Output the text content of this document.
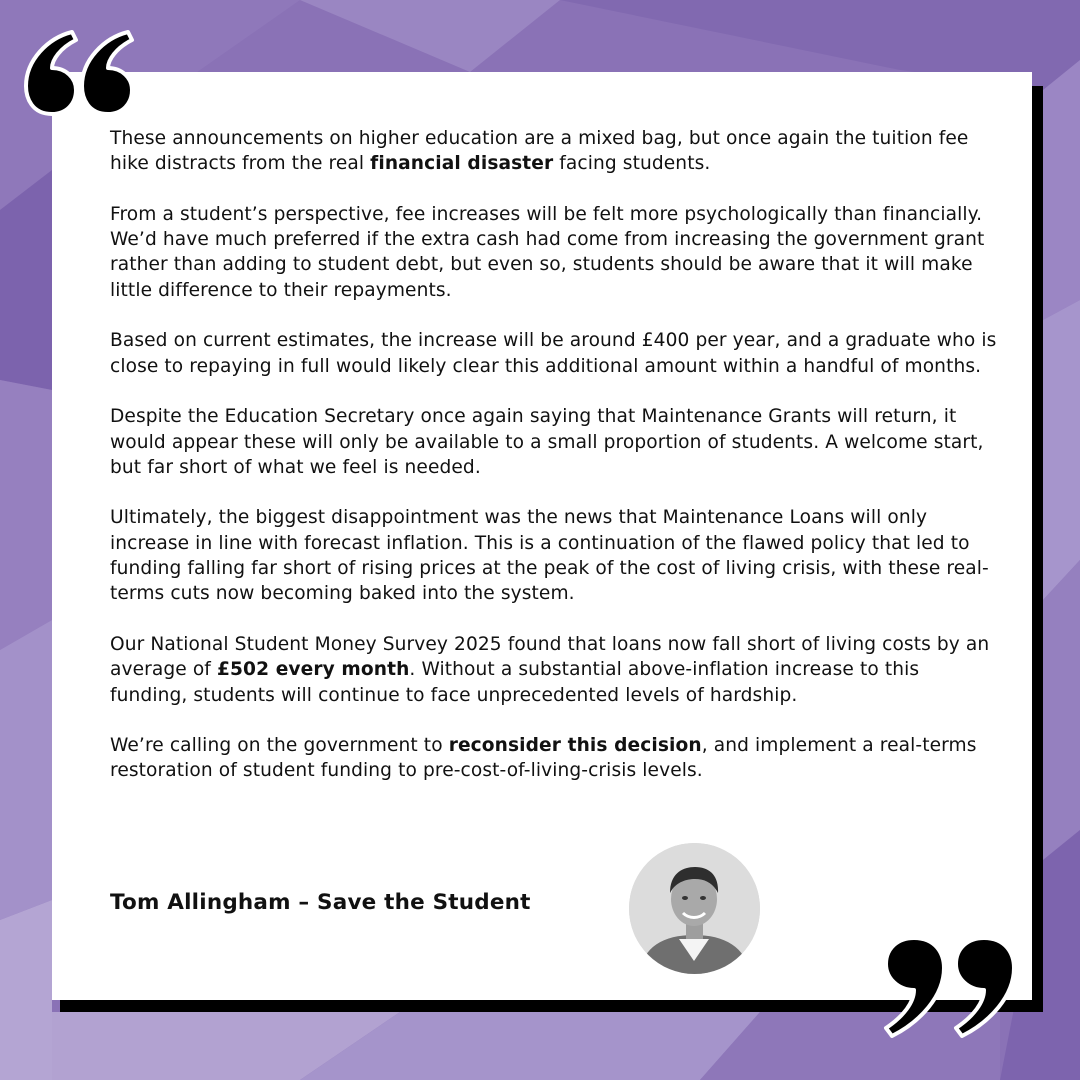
These announcements on higher education are a mixed bag, but once again the tuition fee hike distracts from the real financial disaster facing students.

From a student’s perspective, fee increases will be felt more psychologically than financially. We’d have much preferred if the extra cash had come from increasing the government grant rather than adding to student debt, but even so, students should be aware that it will make little difference to their repayments.

Based on current estimates, the increase will be around £400 per year, and a graduate who is close to repaying in full would likely clear this additional amount within a handful of months.

Despite the Education Secretary once again saying that Maintenance Grants will return, it would appear these will only be available to a small proportion of students. A welcome start, but far short of what we feel is needed.

Ultimately, the biggest disappointment was the news that Maintenance Loans will only increase in line with forecast inflation. This is a continuation of the flawed policy that led to funding falling far short of rising prices at the peak of the cost of living crisis, with these real-terms cuts now becoming baked into the system.

Our National Student Money Survey 2025 found that loans now fall short of living costs by an average of £502 every month. Without a substantial above-inflation increase to this funding, students will continue to face unprecedented levels of hardship.

We’re calling on the government to reconsider this decision, and implement a real-terms restoration of student funding to pre-cost-of-living-crisis levels.

Tom Allingham – Save the Student
